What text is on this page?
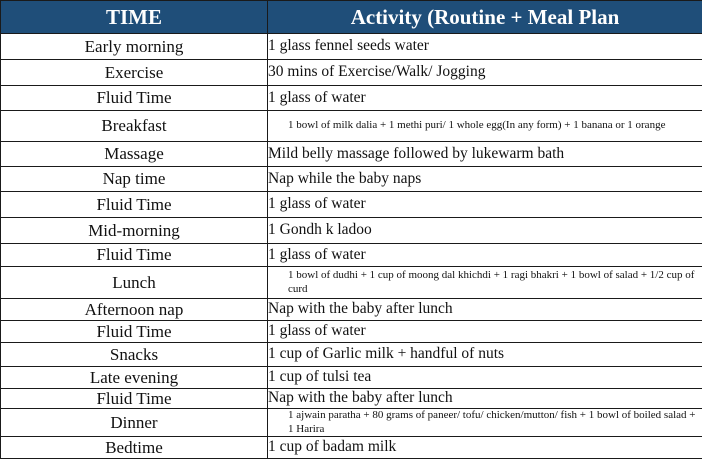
TIME	Activity (Routine + Meal Plan
Early morning	1 glass fennel seeds water
Exercise	30 mins of Exercise/Walk/ Jogging
Fluid Time	1 glass of water
Breakfast	1 bowl of milk dalia + 1 methi puri/ 1 whole egg(In any form) + 1 banana or 1 orange
Massage	Mild belly massage followed by lukewarm bath
Nap time	Nap while the baby naps
Fluid Time	1 glass of water
Mid-morning	1 Gondh k ladoo
Fluid Time	1 glass of water
Lunch	1 bowl of dudhi + 1 cup of moong dal khichdi + 1 ragi bhakri + 1 bowl of salad + 1/2 cup of curd
Afternoon nap	Nap with the baby after lunch
Fluid Time	1 glass of water
Snacks	1 cup of Garlic milk + handful of nuts
Late evening	1 cup of tulsi tea
Fluid Time	Nap with the baby after lunch
Dinner	1 ajwain paratha + 80 grams of paneer/ tofu/ chicken/mutton/ fish + 1 bowl of boiled salad + 1 Harira
Bedtime	1 cup of badam milk
